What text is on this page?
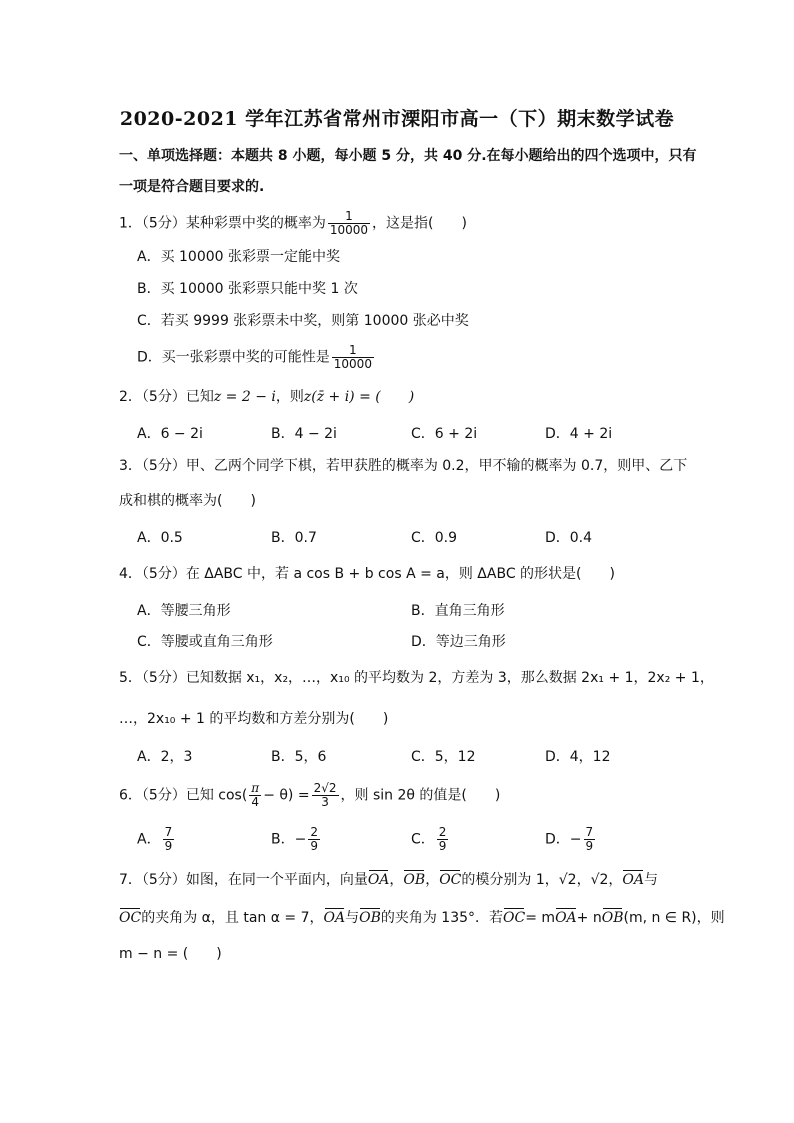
2020-2021 学年江苏省常州市溧阳市高一（下）期末数学试卷
一、单项选择题：本题共 8 小题，每小题 5 分，共 40 分.在每小题给出的四个选项中，只有
一项是符合题目要求的.
1．（5分）某种彩票中奖的概率为 $\frac{1}{10000}$ ，这是指(　　)
A．买 10000 张彩票一定能中奖
B．买 10000 张彩票只能中奖 1 次
C．若买 9999 张彩票未中奖，则第 10000 张必中奖
D．买一张彩票中奖的可能性是 $\frac{1}{10000}$
2．（5分）已知z = 2 − i，则z(z̄ + i) = (　　)
A．6 − 2i	B．4 − 2i	C．6 + 2i	D．4 + 2i
3．（5分）甲、乙两个同学下棋，若甲获胜的概率为 0.2，甲不输的概率为 0.7，则甲、乙下
成和棋的概率为(　　)
A．0.5	B．0.7	C．0.9	D．0.4
4．（5分）在 ΔABC 中，若 a cos B + b cos A = a，则 ΔABC 的形状是(　　)
A．等腰三角形	B．直角三角形
C．等腰或直角三角形	D．等边三角形
5．（5分）已知数据 x₁，x₂，…，x₁₀ 的平均数为 2，方差为 3，那么数据 2x₁ + 1，2x₂ + 1，
…，2x₁₀ + 1 的平均数和方差分别为(　　)
A．2，3	B．5，6	C．5，12	D．4，12
6．（5分）已知 $\cos( \frac{\pi}{4} - \theta) = \frac{2√2}{3}$ ，则 sin 2θ 的值是(　　)
A． $\frac{7}{9}$	B．− $\frac{2}{9}$	C． $\frac{2}{9}$	D．− $\frac{7}{9}$
7．（5分）如图，在同一个平面内，向量OA，OB，OC的模分别为 1，√2，√2，OA与
OC的夹角为 α，且 tan α = 7，OA与OB的夹角为 135°．若OC= mOA+ nOB(m, n ∈ R)，则
m − n = (　　)
